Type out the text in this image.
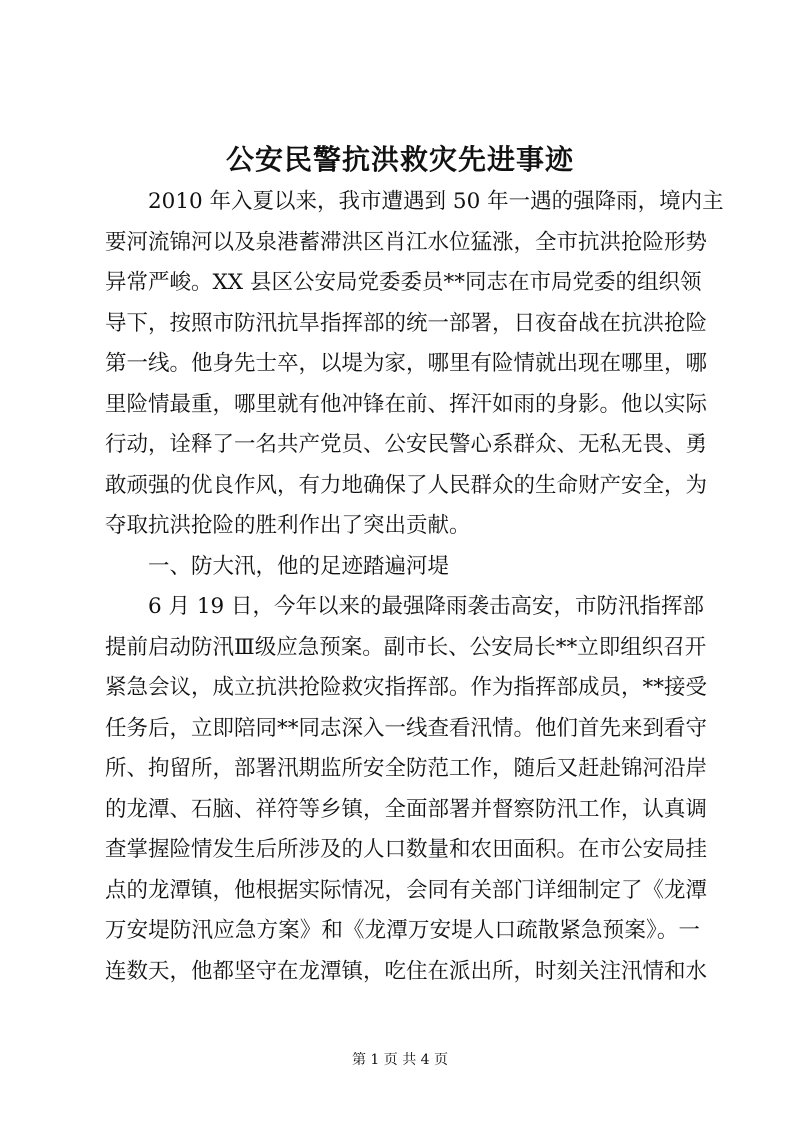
公安民警抗洪救灾先进事迹

2010 年入夏以来，我市遭遇到 50 年一遇的强降雨，境内主
要河流锦河以及泉港蓄滞洪区肖江水位猛涨，全市抗洪抢险形势
异常严峻。XX 县区公安局党委委员**同志在市局党委的组织领
导下，按照市防汛抗旱指挥部的统一部署，日夜奋战在抗洪抢险
第一线。他身先士卒，以堤为家，哪里有险情就出现在哪里，哪
里险情最重，哪里就有他冲锋在前、挥汗如雨的身影。他以实际
行动，诠释了一名共产党员、公安民警心系群众、无私无畏、勇
敢顽强的优良作风，有力地确保了人民群众的生命财产安全，为
夺取抗洪抢险的胜利作出了突出贡献。

一、防大汛，他的足迹踏遍河堤

6 月 19 日，今年以来的最强降雨袭击高安，市防汛指挥部
提前启动防汛Ⅲ级应急预案。副市长、公安局长**立即组织召开
紧急会议，成立抗洪抢险救灾指挥部。作为指挥部成员，**接受
任务后，立即陪同**同志深入一线查看汛情。他们首先来到看守
所、拘留所，部署汛期监所安全防范工作，随后又赶赴锦河沿岸
的龙潭、石脑、祥符等乡镇，全面部署并督察防汛工作，认真调
查掌握险情发生后所涉及的人口数量和农田面积。在市公安局挂
点的龙潭镇，他根据实际情况，会同有关部门详细制定了《龙潭
万安堤防汛应急方案》和《龙潭万安堤人口疏散紧急预案》。一
连数天，他都坚守在龙潭镇，吃住在派出所，时刻关注汛情和水

第 1 页 共 4 页
